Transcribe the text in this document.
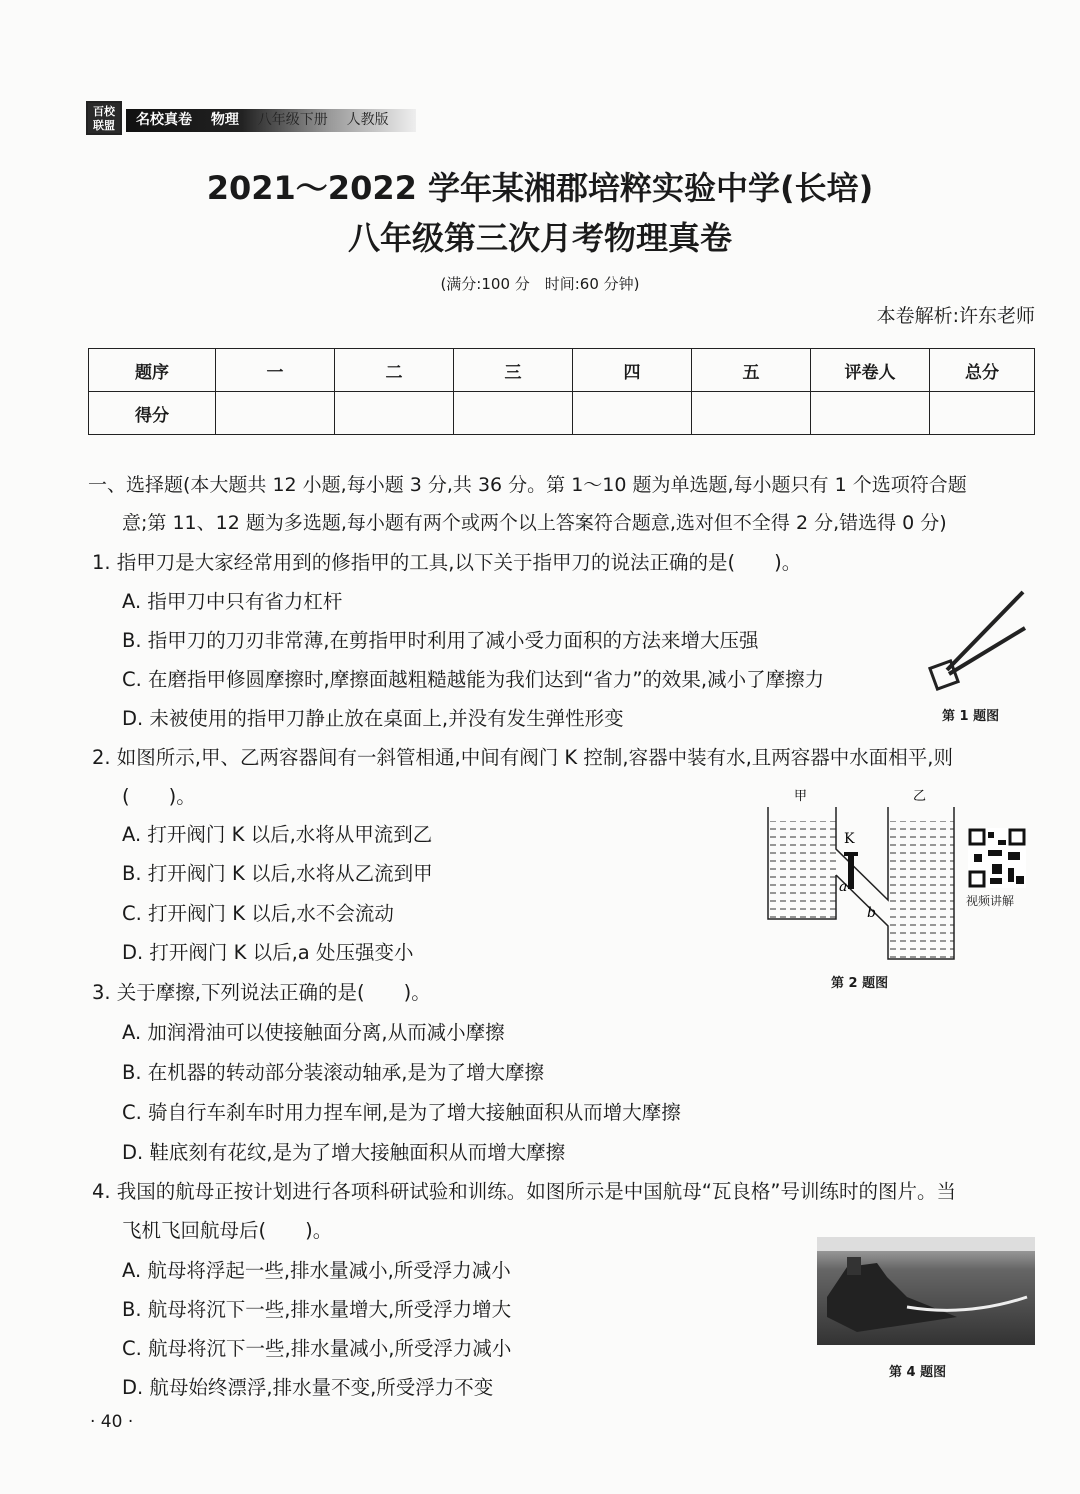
百校
联盟	名校真卷 物理 八年级下册 人教版
2021～2022 学年某湘郡培粹实验中学(长培)
八年级第三次月考物理真卷
(满分:100 分　时间:60 分钟)
本卷解析:许东老师
题序	一	二	三	四	五	评卷人	总分
得分							
一、选择题(本大题共 12 小题,每小题 3 分,共 36 分。第 1～10 题为单选题,每小题只有 1 个选项符合题
意;第 11、12 题为多选题,每小题有两个或两个以上答案符合题意,选对但不全得 2 分,错选得 0 分)
1. 指甲刀是大家经常用到的修指甲的工具,以下关于指甲刀的说法正确的是(　　)。
A. 指甲刀中只有省力杠杆
B. 指甲刀的刀刃非常薄,在剪指甲时利用了减小受力面积的方法来增大压强
C. 在磨指甲修圆摩擦时,摩擦面越粗糙越能为我们达到“省力”的效果,减小了摩擦力
D. 未被使用的指甲刀静止放在桌面上,并没有发生弹性形变	第 1 题图
2. 如图所示,甲、乙两容器间有一斜管相通,中间有阀门 K 控制,容器中装有水,且两容器中水面相平,则
(　　)。
A. 打开阀门 K 以后,水将从甲流到乙
B. 打开阀门 K 以后,水将从乙流到甲
C. 打开阀门 K 以后,水不会流动
D. 打开阀门 K 以后,a 处压强变小
K
a
b
甲	乙
视频讲解
第 2 题图
3. 关于摩擦,下列说法正确的是(　　)。
A. 加润滑油可以使接触面分离,从而减小摩擦
B. 在机器的转动部分装滚动轴承,是为了增大摩擦
C. 骑自行车刹车时用力捏车闸,是为了增大接触面积从而增大摩擦
D. 鞋底刻有花纹,是为了增大接触面积从而增大摩擦
4. 我国的航母正按计划进行各项科研试验和训练。如图所示是中国航母“瓦良格”号训练时的图片。当
飞机飞回航母后(　　)。
A. 航母将浮起一些,排水量减小,所受浮力减小
B. 航母将沉下一些,排水量增大,所受浮力增大
C. 航母将沉下一些,排水量减小,所受浮力减小
D. 航母始终漂浮,排水量不变,所受浮力不变
第 4 题图
· 40 ·
